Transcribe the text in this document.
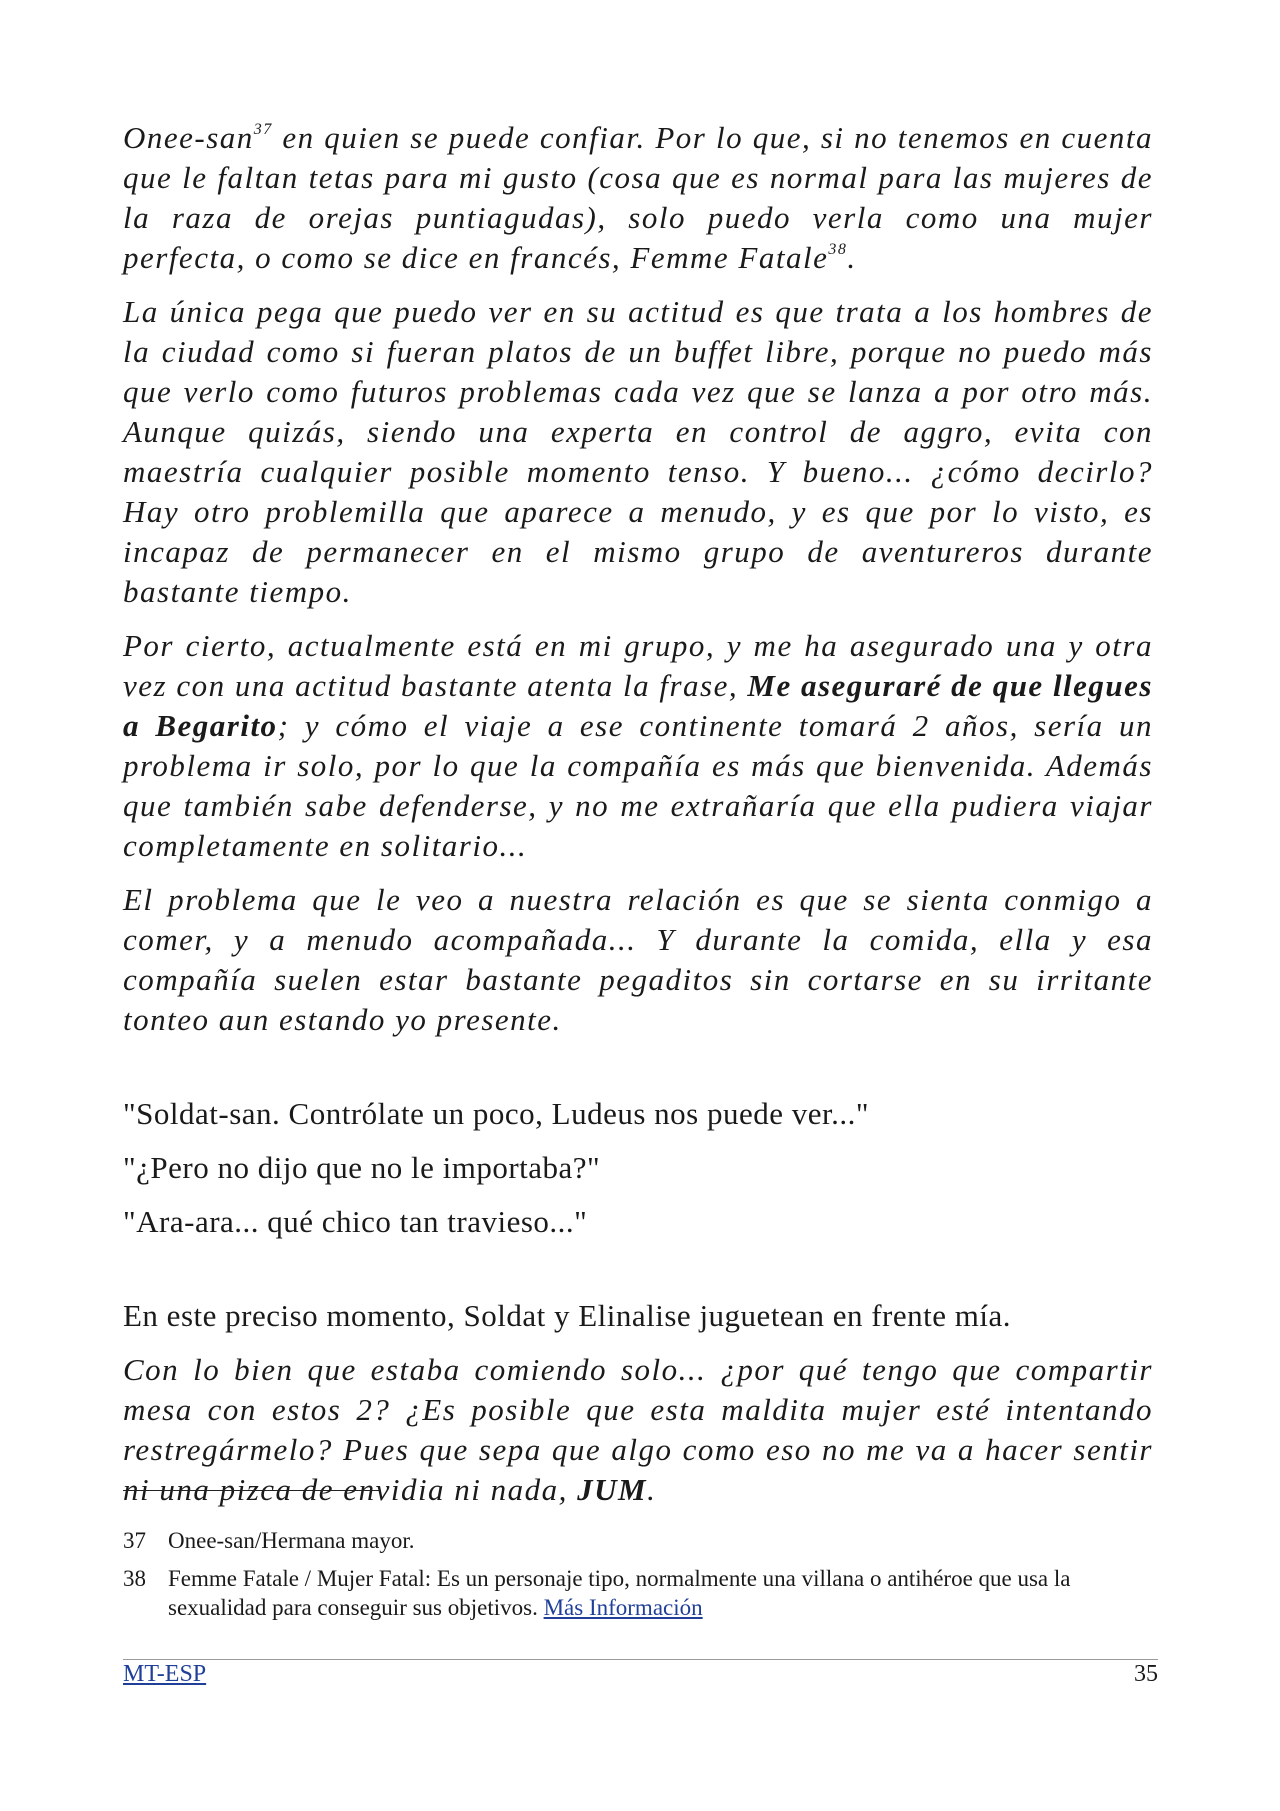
Onee-san$^{37}$ en quien se puede confiar. Por lo que, si no tenemos en cuenta que le faltan tetas para mi gusto (cosa que es normal para las mujeres de la raza de orejas puntiagudas), solo puedo verla como una mujer perfecta, o como se dice en francés, Femme Fatale$^{38}$.

La única pega que puedo ver en su actitud es que trata a los hombres de la ciudad como si fueran platos de un buffet libre, porque no puedo más que verlo como futuros problemas cada vez que se lanza a por otro más. Aunque quizás, siendo una experta en control de aggro, evita con maestría cualquier posible momento tenso. Y bueno... ¿cómo decirlo? Hay otro problemilla que aparece a menudo, y es que por lo visto, es incapaz de permanecer en el mismo grupo de aventureros durante bastante tiempo.

Por cierto, actualmente está en mi grupo, y me ha asegurado una y otra vez con una actitud bastante atenta la frase, Me aseguraré de que llegues a Begarito; y cómo el viaje a ese continente tomará 2 años, sería un problema ir solo, por lo que la compañía es más que bienvenida. Además que también sabe defenderse, y no me extrañaría que ella pudiera viajar completamente en solitario...

El problema que le veo a nuestra relación es que se sienta conmigo a comer, y a menudo acompañada... Y durante la comida, ella y esa compañía suelen estar bastante pegaditos sin cortarse en su irritante tonteo aun estando yo presente.

"Soldat-san. Contrólate un poco, Ludeus nos puede ver..."

"¿Pero no dijo que no le importaba?"

"Ara-ara... qué chico tan travieso..."

En este preciso momento, Soldat y Elinalise juguetean en frente mía.

Con lo bien que estaba comiendo solo... ¿por qué tengo que compartir mesa con estos 2? ¿Es posible que esta maldita mujer esté intentando restregármelo? Pues que sepa que algo como eso no me va a hacer sentir ni una pizca de envidia ni nada, JUM.

37 Onee-san/Hermana mayor.
38 Femme Fatale / Mujer Fatal: Es un personaje tipo, normalmente una villana o antihéroe que usa la sexualidad para conseguir sus objetivos. Más Información
MT-ESP	35
